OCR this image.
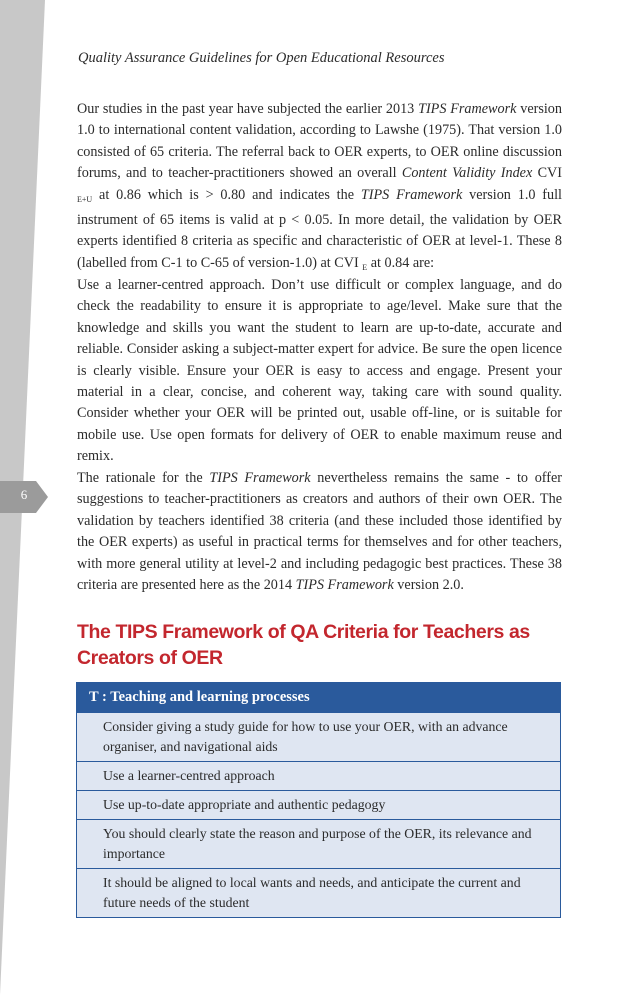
6
Quality Assurance Guidelines for Open Educational Resources

Our studies in the past year have subjected the earlier 2013 TIPS Framework version 1.0 to international content validation, according to Lawshe (1975). That version 1.0 consisted of 65 criteria. The referral back to OER experts, to OER online discussion forums, and to teacher-practitioners showed an overall Content Validity Index CVI $_{E+U}$ at 0.86 which is > 0.80 and indicates the TIPS Framework version 1.0 full instrument of 65 items is valid at p < 0.05. In more detail, the validation by OER experts identified 8 criteria as specific and characteristic of OER at level-1. These 8 (labelled from C-1 to C-65 of version-1.0) at CVI $_E$ at 0.84 are:

Use a learner-centred approach. Don’t use difficult or complex language, and do check the readability to ensure it is appropriate to age/level. Make sure that the knowledge and skills you want the student to learn are up-to-date, accurate and reliable. Consider asking a subject-matter expert for advice. Be sure the open licence is clearly visible. Ensure your OER is easy to access and engage. Present your material in a clear, concise, and coherent way, taking care with sound quality. Consider whether your OER will be printed out, usable off-line, or is suitable for mobile use. Use open formats for delivery of OER to enable maximum reuse and remix.

The rationale for the TIPS Framework nevertheless remains the same - to offer suggestions to teacher-practitioners as creators and authors of their own OER. The validation by teachers identified 38 criteria (and these included those identified by the OER experts) as useful in practical terms for themselves and for other teachers, with more general utility at level-2 and including pedagogic best practices. These 38 criteria are presented here as the 2014 TIPS Framework version 2.0.

The TIPS Framework of QA Criteria for Teachers as Creators of OER
T : Teaching and learning processes
Consider giving a study guide for how to use your OER, with an advance organiser, and navigational aids
Use a learner-centred approach
Use up-to-date appropriate and authentic pedagogy
You should clearly state the reason and purpose of the OER, its relevance and importance
It should be aligned to local wants and needs, and anticipate the current and future needs of the student
